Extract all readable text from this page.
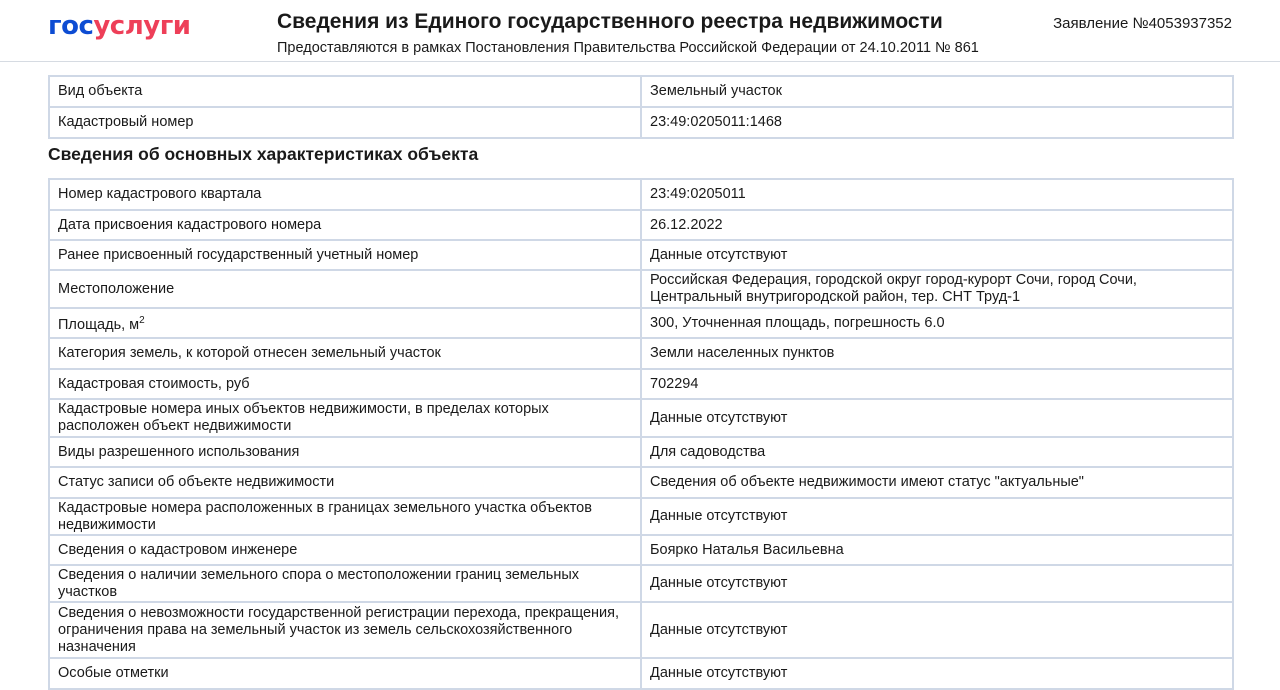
госуслуги	Сведения из Единого государственного реестра недвижимости
Предоставляются в рамках Постановления Правительства Российской Федерации от 24.10.2011 № 861
Заявление №4053937352
Вид объекта	Земельный участок
Кадастровый номер	23:49:0205011:1468
Сведения об основных характеристиках объекта
Номер кадастрового квартала	23:49:0205011
Дата присвоения кадастрового номера	26.12.2022
Ранее присвоенный государственный учетный номер	Данные отсутствуют
Местоположение	Российская Федерация, городской округ город-курорт Сочи, город Сочи, Центральный внутригородской район, тер. СНТ Труд-1
Площадь, $м^2$	300, Уточненная площадь, погрешность 6.0
Категория земель, к которой отнесен земельный участок	Земли населенных пунктов
Кадастровая стоимость, руб	702294
Кадастровые номера иных объектов недвижимости, в пределах которых расположен объект недвижимости	Данные отсутствуют
Виды разрешенного использования	Для садоводства
Статус записи об объекте недвижимости	Сведения об объекте недвижимости имеют статус "актуальные"
Кадастровые номера расположенных в границах земельного участка объектов недвижимости	Данные отсутствуют
Сведения о кадастровом инженере	Боярко Наталья Васильевна
Сведения о наличии земельного спора о местоположении границ земельных участков	Данные отсутствуют
Сведения о невозможности государственной регистрации перехода, прекращения, ограничения права на земельный участок из земель сельскохозяйственного назначения	Данные отсутствуют
Особые отметки	Данные отсутствуют
